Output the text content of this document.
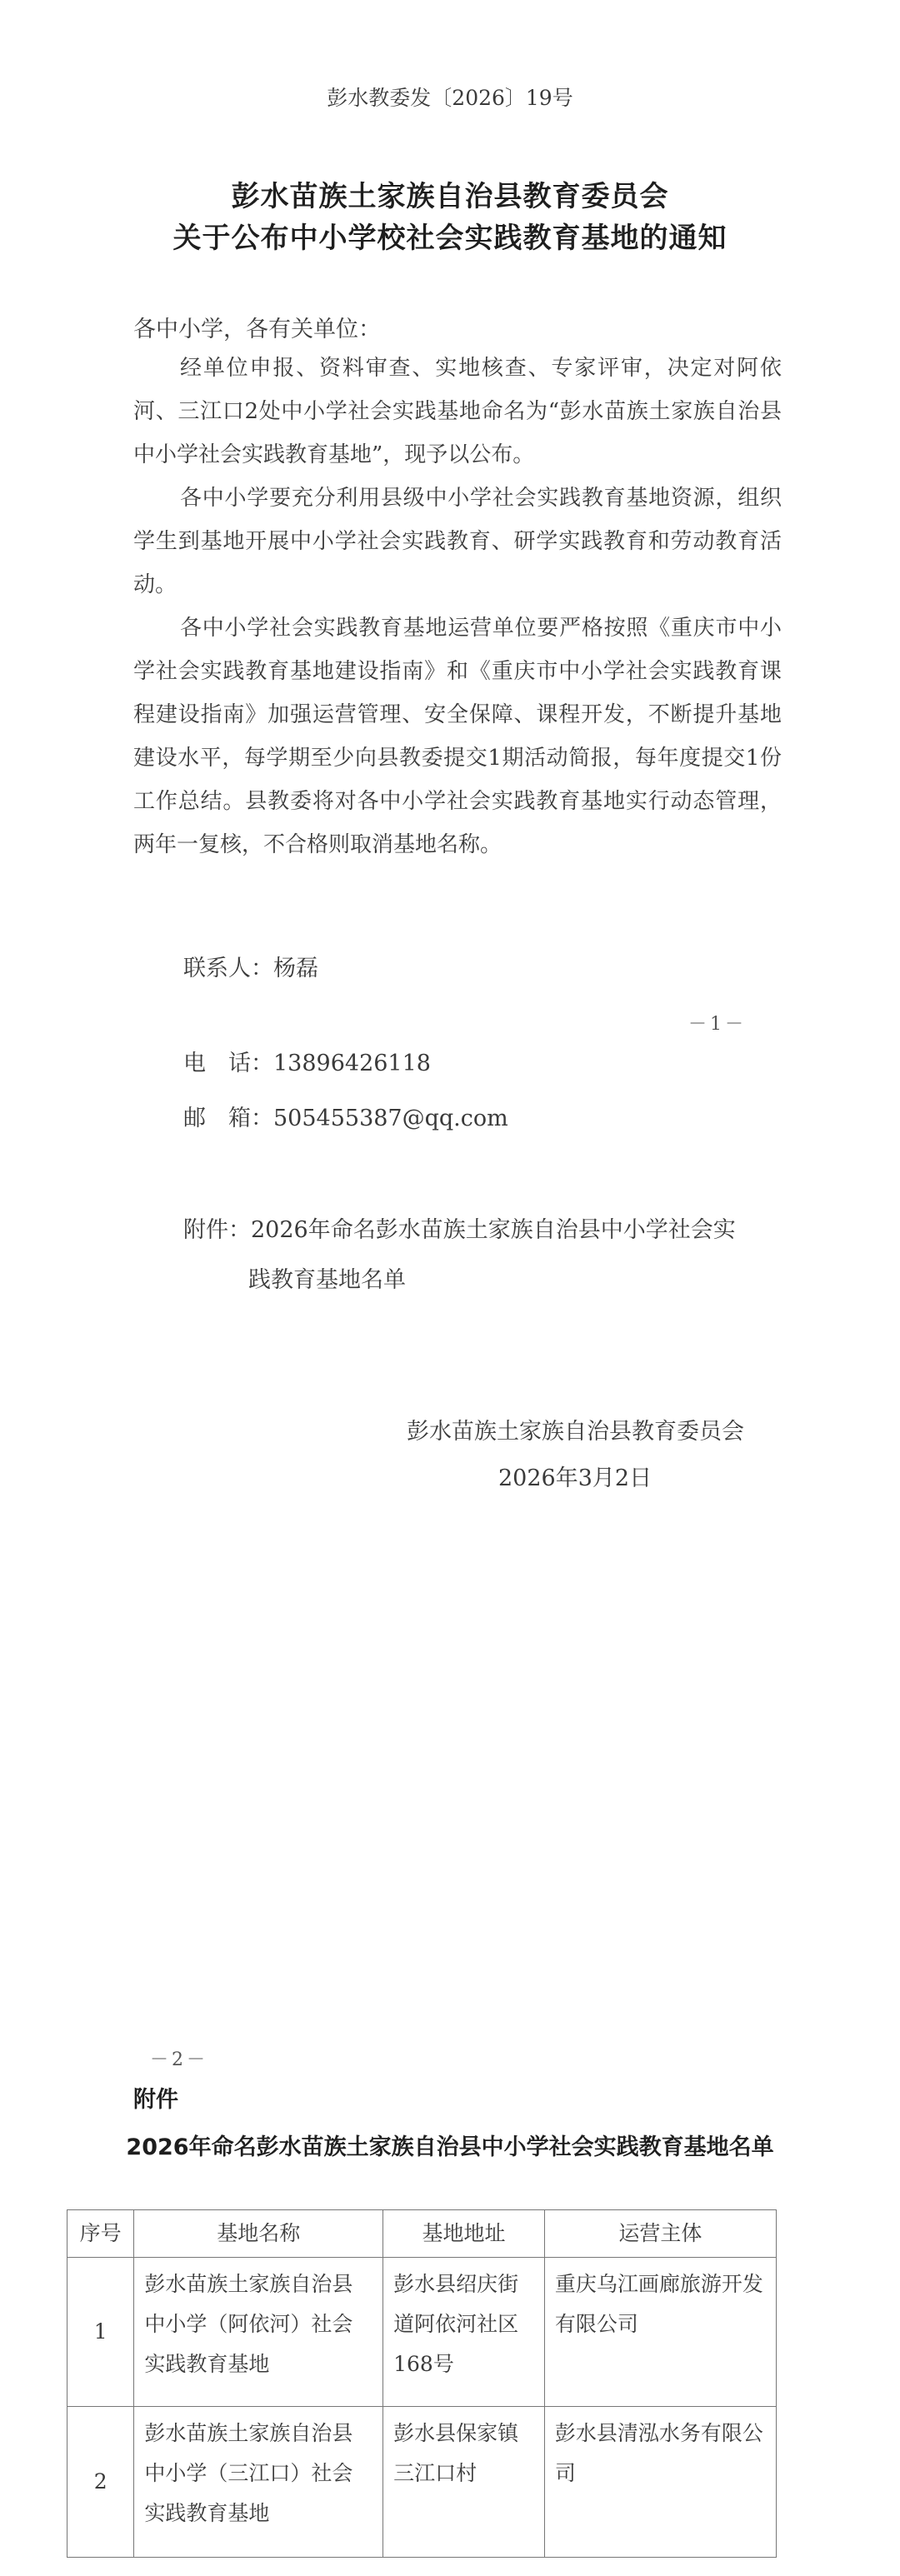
彭水教委发〔2026〕19号
彭水苗族土家族自治县教育委员会
关于公布中小学校社会实践教育基地的通知
各中小学，各有关单位：

经单位申报、资料审查、实地核查、专家评审，决定对阿依河、三江口2处中小学社会实践基地命名为“彭水苗族土家族自治县中小学社会实践教育基地”，现予以公布。

各中小学要充分利用县级中小学社会实践教育基地资源，组织学生到基地开展中小学社会实践教育、研学实践教育和劳动教育活动。

各中小学社会实践教育基地运营单位要严格按照《重庆市中小学社会实践教育基地建设指南》和《重庆市中小学社会实践教育课程建设指南》加强运营管理、安全保障、课程开发，不断提升基地建设水平，每学期至少向县教委提交1期活动简报，每年度提交1份工作总结。县教委将对各中小学社会实践教育基地实行动态管理，两年一复核，不合格则取消基地名称。

联系人：杨磊
－1－
电　话：13896426118
邮　箱：505455387@qq.com
附件：2026年命名彭水苗族土家族自治县中小学社会实
践教育基地名单
彭水苗族土家族自治县教育委员会
2026年3月2日
－2－
附件
2026年命名彭水苗族土家族自治县中小学社会实践教育基地名单
序号	基地名称	基地地址	运营主体
1	彭水苗族土家族自治县中小学（阿依河）社会实践教育基地	彭水县绍庆街道阿依河社区168号	重庆乌江画廊旅游开发有限公司
2	彭水苗族土家族自治县中小学（三江口）社会实践教育基地	彭水县保家镇三江口村	彭水县清泓水务有限公司
